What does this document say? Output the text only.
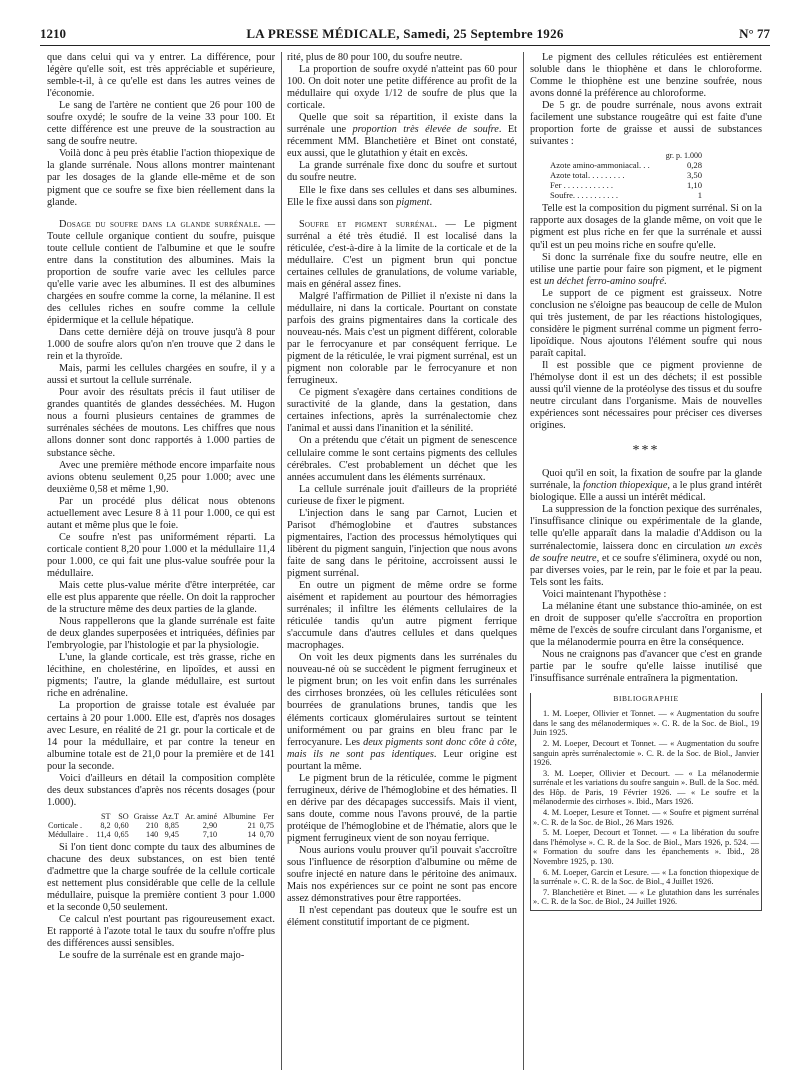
1210	LA PRESSE MÉDICALE, Samedi, 25 Septembre 1926	N° 77

que dans celui qui va y entrer. La différence, pour légère qu'elle soit, est très appréciable et supérieure, semble-t-il, à ce qu'elle est dans les autres veines de l'économie.

Le sang de l'artère ne contient que 26 pour 100 de soufre oxydé; le soufre de la veine 33 pour 100. Et cette différence est une preuve de la soustraction au sang de soufre neutre.

Voilà donc à peu près établie l'action thiopexique de la glande surrénale. Nous allons montrer maintenant par les dosages de la glande elle-même et de son pigment que ce soufre se fixe bien réellement dans la glande.

Dosage du soufre dans la glande surrénale. — Toute cellule organique contient du soufre, puisque toute cellule contient de l'albumine et que le soufre entre dans la constitution des albumines. Mais la proportion de soufre varie avec les cellules parce qu'elle varie avec les albumines. Il est des albumines chargées en soufre comme la corne, la mélanine. Il est des cellules riches en soufre comme la cellule épidermique et la cellule hépatique.

Dans cette dernière déjà on trouve jusqu'à 8 pour 1.000 de soufre alors qu'on n'en trouve que 2 dans le rein et la thyroïde.

Mais, parmi les cellules chargées en soufre, il y a aussi et surtout la cellule surrénale.

Pour avoir des résultats précis il faut utiliser de grandes quantités de glandes desséchées. M. Hugon nous a fourni plusieurs centaines de grammes de surrénales séchées de moutons. Les chiffres que nous allons donner sont donc rapportés à 1.000 parties de substance sèche.

Avec une première méthode encore imparfaite nous avions obtenu seulement 0,25 pour 1.000; avec une deuxième 0,58 et même 1,90.

Par un procédé plus délicat nous obtenons actuellement avec Lesure 8 à 11 pour 1.000, ce qui est autant et même plus que le foie.

Ce soufre n'est pas uniformément réparti. La corticale contient 8,20 pour 1.000 et la médullaire 11,4 pour 1.000, ce qui fait une plus-value soufrée pour la médullaire.

Mais cette plus-value mérite d'être interprétée, car elle est plus apparente que réelle. On doit la rapprocher de la structure même des deux parties de la glande.

Nous rappellerons que la glande surrénale est faite de deux glandes superposées et intriquées, définies par l'embryologie, par l'histologie et par la physiologie.

L'une, la glande corticale, est très grasse, riche en lécithine, en cholestérine, en lipoïdes, et aussi en pigments; l'autre, la glande médullaire, est surtout riche en adrénaline.

La proportion de graisse totale est évaluée par certains à 20 pour 1.000. Elle est, d'après nos dosages avec Lesure, en réalité de 21 gr. pour la corticale et de 14 pour la médullaire, et par contre la teneur en albumine totale est de 21,0 pour la première et de 141 pour la seconde.

Voici d'ailleurs en détail la composition complète des deux substances d'après nos récents dosages (pour 1.000).

	ST	SO	Graisse	Az.T	Ar. aminé	Albumine	Fer
Corticale .	8,2	0,60	210	8,85	2,90	21	0,75
Médullaire .	11,4	0,65	140	9,45	7,10	14	0,70

Si l'on tient donc compte du taux des albumines de chacune des deux substances, on est bien tenté d'admettre que la charge soufrée de la cellule corticale est nettement plus considérable que celle de la cellule médullaire, puisque la première contient 3 pour 1.000 et la seconde 0,50 seulement.

Ce calcul n'est pourtant pas rigoureusement exact. Et rapporté à l'azote total le taux du soufre n'offre plus des différences aussi sensibles.

Le soufre de la surrénale est en grande majo-

rité, plus de 80 pour 100, du soufre neutre.

La proportion de soufre oxydé n'atteint pas 60 pour 100. On doit noter une petite différence au profit de la médullaire qui oxyde 1/12 de soufre de plus que la corticale.

Quelle que soit sa répartition, il existe dans la surrénale une proportion très élevée de soufre. Et récemment MM. Blanchetière et Binet ont constaté, eux aussi, que le glutathion y était en excès.

La grande surrénale fixe donc du soufre et surtout du soufre neutre.

Elle le fixe dans ses cellules et dans ses albumines. Elle le fixe aussi dans son pigment.

Soufre et pigment surrénal. — Le pigment surrénal a été très étudié. Il est localisé dans la réticulée, c'est-à-dire à la limite de la corticale et de la médullaire. C'est un pigment brun qui ponctue certaines cellules de granulations, de volume variable, mais en général assez fines.

Malgré l'affirmation de Pilliet il n'existe ni dans la médullaire, ni dans la corticale. Pourtant on constate parfois des grains pigmentaires dans la corticale des nouveau-nés. Mais c'est un pigment différent, colorable par le ferrocyanure et par conséquent ferrique. Le pigment de la réticulée, le vrai pigment surrénal, est un pigment non colorable par le ferrocyanure et non ferrugineux.

Ce pigment s'exagère dans certaines conditions de suractivité de la glande, dans la gestation, dans certaines infections, après la surrénalectomie chez l'animal et aussi dans l'inanition et la sénilité.

On a prétendu que c'était un pigment de senescence cellulaire comme le sont certains pigments des cellules cérébrales. C'est probablement un déchet que les années accumulent dans les éléments surrénaux.

La cellule surrénale jouit d'ailleurs de la propriété curieuse de fixer le pigment.

L'injection dans le sang par Carnot, Lucien et Parisot d'hémoglobine et d'autres substances pigmentaires, l'action des processus hémolytiques qui libèrent du pigment sanguin, l'injection que nous avons faite de sang dans le péritoine, accroissent aussi le pigment surrénal.

En outre un pigment de même ordre se forme aisément et rapidement au pourtour des hémorragies surrénales; il infiltre les éléments cellulaires de la réticulée tandis qu'un autre pigment ferrique s'accumule dans d'autres cellules et dans quelques macrophages.

On voit les deux pigments dans les surrénales du nouveau-né où se succèdent le pigment ferrugineux et le pigment brun; on les voit enfin dans les surrénales des cirrhoses bronzées, où les cellules réticulées sont bourrées de granulations brunes, tandis que les éléments corticaux glomérulaires surtout se teintent uniformément ou par grains en bleu franc par le ferrocyanure. Les deux pigments sont donc côte à côte, mais ils ne sont pas identiques. Leur origine est pourtant la même.

Le pigment brun de la réticulée, comme le pigment ferrugineux, dérive de l'hémoglobine et des hématies. Il en dérive par des décapages successifs. Mais il vient, sans doute, comme nous l'avons prouvé, de la partie protéique de l'hémoglobine et de l'hématie, alors que le pigment ferrugineux vient de son noyau ferrique.

Nous aurions voulu prouver qu'il pouvait s'accroître sous l'influence de résorption d'albumine ou même de soufre injecté en nature dans le péritoine des animaux. Mais nos expériences sur ce point ne sont pas encore assez démonstratives pour être rapportées.

Il n'est cependant pas douteux que le soufre est un élément constitutif important de ce pigment.

Le pigment des cellules réticulées est entièrement soluble dans le thiophène et dans le chloroforme. Comme le thiophène est une benzine soufrée, nous avons donné la préférence au chloroforme.

De 5 gr. de poudre surrénale, nous avons extrait facilement une substance rougeâtre qui est faite d'une proportion forte de graisse et aussi de substances suivantes :

gr. p. 1.000
Azote amino-ammoniacal. . .	0,28
Azote total. . . . . . . . .	3,50
Fer . . . . . . . . . . . .	1,10
Soufre. . . . . . . . . . .	1

Telle est la composition du pigment surrénal. Si on la rapporte aux dosages de la glande même, on voit que le pigment est plus riche en fer que la surrénale et aussi qu'il est un peu moins riche en soufre qu'elle.

Si donc la surrénale fixe du soufre neutre, elle en utilise une partie pour faire son pigment, et le pigment est un déchet ferro-amino soufré.

Le support de ce pigment est graisseux. Notre conclusion ne s'éloigne pas beaucoup de celle de Mulon qui très justement, de par les réactions histologiques, considère le pigment surrénal comme un pigment ferro-lipoïdique. Nous ajoutons l'élément soufre qui nous paraît capital.

Il est possible que ce pigment provienne de l'hémolyse dont il est un des déchets; il est possible aussi qu'il vienne de la protéolyse des tissus et du soufre neutre circulant dans l'organisme. Mais de nouvelles expériences sont nécessaires pour préciser ces diverses origines.

***

Quoi qu'il en soit, la fixation de soufre par la glande surrénale, la fonction thiopexique, a le plus grand intérêt biologique. Elle a aussi un intérêt médical.

La suppression de la fonction pexique des surrénales, l'insuffisance clinique ou expérimentale de la glande, telle qu'elle apparaît dans la maladie d'Addison ou la surrénalectomie, laissera donc en circulation un excès de soufre neutre, et ce soufre s'éliminera, oxydé ou non, par diverses voies, par le rein, par le foie et par la peau. Tels sont les faits.

Voici maintenant l'hypothèse :

La mélanine étant une substance thio-aminée, on est en droit de supposer qu'elle s'accroîtra en proportion même de l'excès de soufre circulant dans l'organisme, et que la mélanodermie pourra en être la conséquence.

Nous ne craignons pas d'avancer que c'est en grande partie par le soufre qu'elle laisse inutilisé que l'insuffisance surrénale entraînera la pigmentation.

BIBLIOGRAPHIE

1. M. Loeper, Ollivier et Tonnet. — « Augmentation du soufre dans le sang des mélanodermiques ». C. R. de la Soc. de Biol., 19 Juin 1925.

2. M. Loeper, Decourt et Tonnet. — « Augmentation du soufre sanguin après surrénalectomie ». C. R. de la Soc. de Biol., Janvier 1926.

3. M. Loeper, Ollivier et Decourt. — « La mélanodermie surrénale et les variations du soufre sanguin ». Bull. de la Soc. méd. des Hôp. de Paris, 19 Février 1926. — « Le soufre et la mélanodermie des cirrhoses ». Ibid., Mars 1926.

4. M. Loeper, Lesure et Tonnet. — « Soufre et pigment surrénal ». C. R. de la Soc. de Biol., 26 Mars 1926.

5. M. Loeper, Decourt et Tonnet. — « La libération du soufre dans l'hémolyse ». C. R. de la Soc. de Biol., Mars 1926, p. 524. — « Formation du soufre dans les épanchements ». Ibid., 28 Novembre 1925, p. 130.

6. M. Loeper, Garcin et Lesure. — « La fonction thiopexique de la surrénale ». C. R. de la Soc. de Biol., 4 Juillet 1926.

7. Blanchetière et Binet. — « Le glutathion dans les surrénales ». C. R. de la Soc. de Biol., 24 Juillet 1926.
